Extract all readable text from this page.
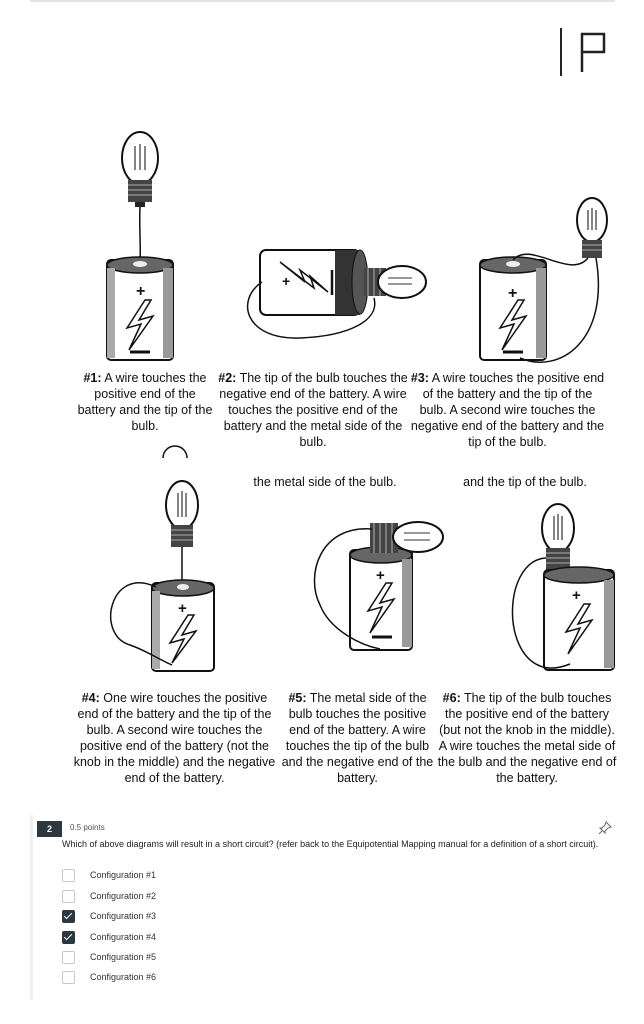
+
+
+
#1: A wire touches the positive end of the battery and the tip of the bulb.
#2: The tip of the bulb touches the negative end of the battery. A wire touches the positive end of the battery and the metal side of the bulb.
#3: A wire touches the positive end of the battery and the tip of the bulb. A second wire touches the negative end of the battery and the tip of the bulb.
the metal side of the bulb.	and the tip of the bulb.
+
+
+
#4: One wire touches the positive end of the battery and the tip of the bulb. A second wire touches the positive end of the battery (not the knob in the middle) and the negative end of the battery.
#5: The metal side of the bulb touches the positive end of the battery. A wire touches the tip of the bulb and the negative end of the battery.
#6: The tip of the bulb touches the positive end of the battery (but not the knob in the middle). A wire touches the metal side of the bulb and the negative end of the battery.
2	0.5 points
Which of above diagrams will result in a short circuit? (refer back to the Equipotential Mapping manual for a definition of a short circuit).
Configuration #1
Configuration #2
Configuration #3
Configuration #4
Configuration #5
Configuration #6
